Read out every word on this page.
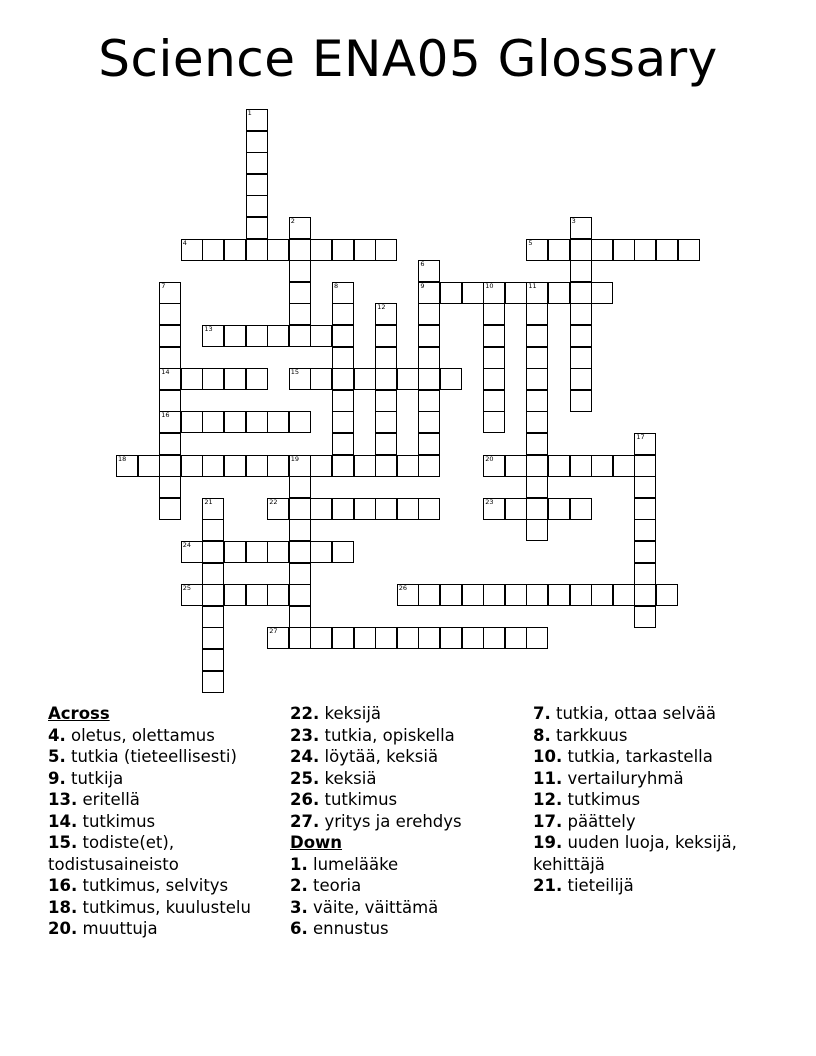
Science ENA05 Glossary
1
2	3
4	5
6
9
7
14
16
8	10	11
12
13
15
17
18	19	20
21	22	23
24
25	26
27
Across
4. oletus, olettamus
5. tutkia (tieteellisesti)
9. tutkija
13. eritellä
14. tutkimus
15. todiste(et), todistusaineisto
16. tutkimus, selvitys
18. tutkimus, kuulustelu
20. muuttuja
22. keksijä
23. tutkia, opiskella
24. löytää, keksiä
25. keksiä
26. tutkimus
27. yritys ja erehdys
Down
1. lumelääke
2. teoria
3. väite, väittämä
6. ennustus
7. tutkia, ottaa selvää
8. tarkkuus
10. tutkia, tarkastella
11. vertailuryhmä
12. tutkimus
17. päättely
19. uuden luoja, keksijä, kehittäjä
21. tieteilijä
